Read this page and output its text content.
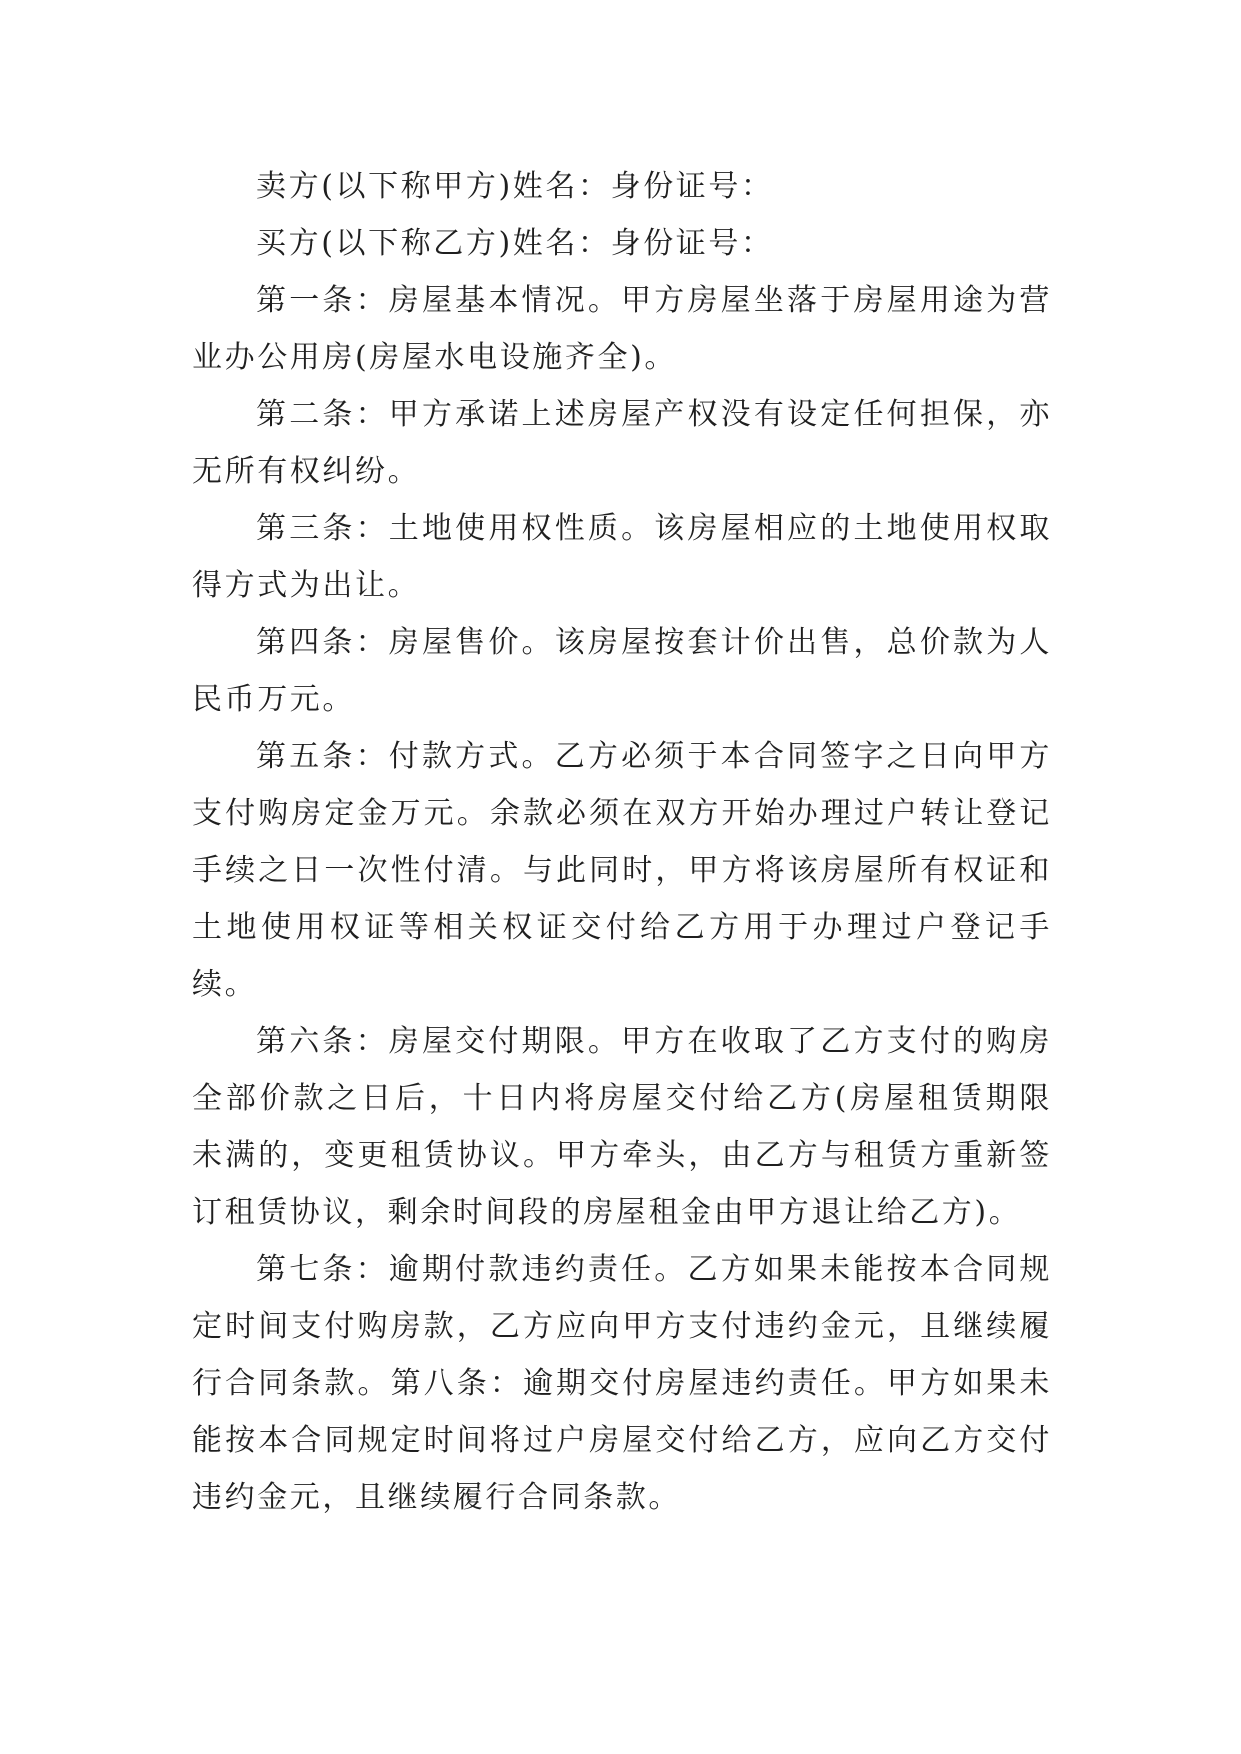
卖方(以下称甲方)姓名：身份证号：

买方(以下称乙方)姓名：身份证号：

第一条：房屋基本情况。甲方房屋坐落于房屋用途为营业办公用房(房屋水电设施齐全)。

第二条：甲方承诺上述房屋产权没有设定任何担保，亦无所有权纠纷。

第三条：土地使用权性质。该房屋相应的土地使用权取得方式为出让。

第四条：房屋售价。该房屋按套计价出售，总价款为人民币万元。

第五条：付款方式。乙方必须于本合同签字之日向甲方支付购房定金万元。余款必须在双方开始办理过户转让登记手续之日一次性付清。与此同时，甲方将该房屋所有权证和土地使用权证等相关权证交付给乙方用于办理过户登记手续。

第六条：房屋交付期限。甲方在收取了乙方支付的购房全部价款之日后，十日内将房屋交付给乙方(房屋租赁期限未满的，变更租赁协议。甲方牵头，由乙方与租赁方重新签订租赁协议，剩余时间段的房屋租金由甲方退让给乙方)。

第七条：逾期付款违约责任。乙方如果未能按本合同规定时间支付购房款，乙方应向甲方支付违约金元，且继续履行合同条款。第八条：逾期交付房屋违约责任。甲方如果未能按本合同规定时间将过户房屋交付给乙方，应向乙方交付违约金元，且继续履行合同条款。
